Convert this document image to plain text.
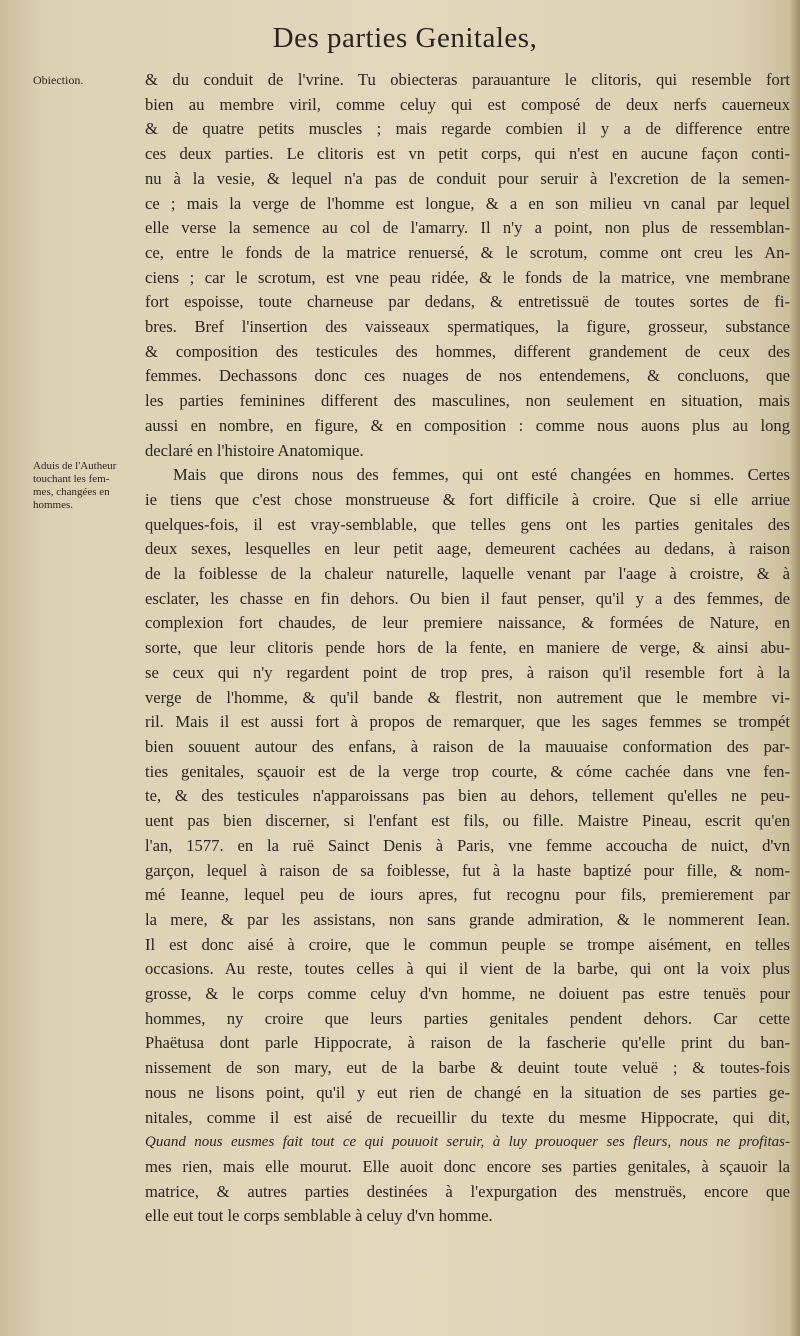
Des parties Genitales,
Obiection.
Aduis de l'Autheur
touchant les fem-
mes, changées en
hommes.
& du conduit de l'vrine. Tu obiecteras parauanture le clitoris, qui resemble fort
bien au membre viril, comme celuy qui est composé de deux nerfs cauerneux
& de quatre petits muscles ; mais regarde combien il y a de difference entre
ces deux parties. Le clitoris est vn petit corps, qui n'est en aucune façon conti-
nu à la vesie, & lequel n'a pas de conduit pour seruir à l'excretion de la semen-
ce ; mais la verge de l'homme est longue, & a en son milieu vn canal par lequel
elle verse la semence au col de l'amarry. Il n'y a point, non plus de ressemblan-
ce, entre le fonds de la matrice renuersé, & le scrotum, comme ont creu les An-
ciens ; car le scrotum, est vne peau ridée, & le fonds de la matrice, vne membrane
fort espoisse, toute charneuse par dedans, & entretissuë de toutes sortes de fi-
bres. Bref l'insertion des vaisseaux spermatiques, la figure, grosseur, substance
& composition des testicules des hommes, different grandement de ceux des
femmes. Dechassons donc ces nuages de nos entendemens, & concluons, que
les parties feminines different des masculines, non seulement en situation, mais
aussi en nombre, en figure, & en composition : comme nous auons plus au long
declaré en l'histoire Anatomique.
Mais que dirons nous des femmes, qui ont esté changées en hommes. Certes
ie tiens que c'est chose monstrueuse & fort difficile à croire. Que si elle arriue
quelques-fois, il est vray-semblable, que telles gens ont les parties genitales des
deux sexes, lesquelles en leur petit aage, demeurent cachées au dedans, à raison
de la foiblesse de la chaleur naturelle, laquelle venant par l'aage à croistre, & à
esclater, les chasse en fin dehors. Ou bien il faut penser, qu'il y a des femmes, de
complexion fort chaudes, de leur premiere naissance, & formées de Nature, en
sorte, que leur clitoris pende hors de la fente, en maniere de verge, & ainsi abu-
se ceux qui n'y regardent point de trop pres, à raison qu'il resemble fort à la
verge de l'homme, & qu'il bande & flestrit, non autrement que le membre vi-
ril. Mais il est aussi fort à propos de remarquer, que les sages femmes se trompét
bien souuent autour des enfans, à raison de la mauuaise conformation des par-
ties genitales, sçauoir est de la verge trop courte, & cóme cachée dans vne fen-
te, & des testicules n'apparoissans pas bien au dehors, tellement qu'elles ne peu-
uent pas bien discerner, si l'enfant est fils, ou fille. Maistre Pineau, escrit qu'en
l'an, 1577. en la ruë Sainct Denis à Paris, vne femme accoucha de nuict, d'vn
garçon, lequel à raison de sa foiblesse, fut à la haste baptizé pour fille, & nom-
mé Ieanne, lequel peu de iours apres, fut recognu pour fils, premierement par
la mere, & par les assistans, non sans grande admiration, & le nommerent Iean.
Il est donc aisé à croire, que le commun peuple se trompe aisément, en telles
occasions. Au reste, toutes celles à qui il vient de la barbe, qui ont la voix plus
grosse, & le corps comme celuy d'vn homme, ne doiuent pas estre tenuës pour
hommes, ny croire que leurs parties genitales pendent dehors. Car cette
Phaëtusa dont parle Hippocrate, à raison de la fascherie qu'elle print du ban-
nissement de son mary, eut de la barbe & deuint toute veluë ; & toutes-fois
nous ne lisons point, qu'il y eut rien de changé en la situation de ses parties ge-
nitales, comme il est aisé de recueillir du texte du mesme Hippocrate, qui dit,
Quand nous eusmes fait tout ce qui pouuoit seruir, à luy prouoquer ses fleurs, nous ne profitas-
mes rien, mais elle mourut. Elle auoit donc encore ses parties genitales, à sçauoir la
matrice, & autres parties destinées à l'expurgation des menstruës, encore que
elle eut tout le corps semblable à celuy d'vn homme.
